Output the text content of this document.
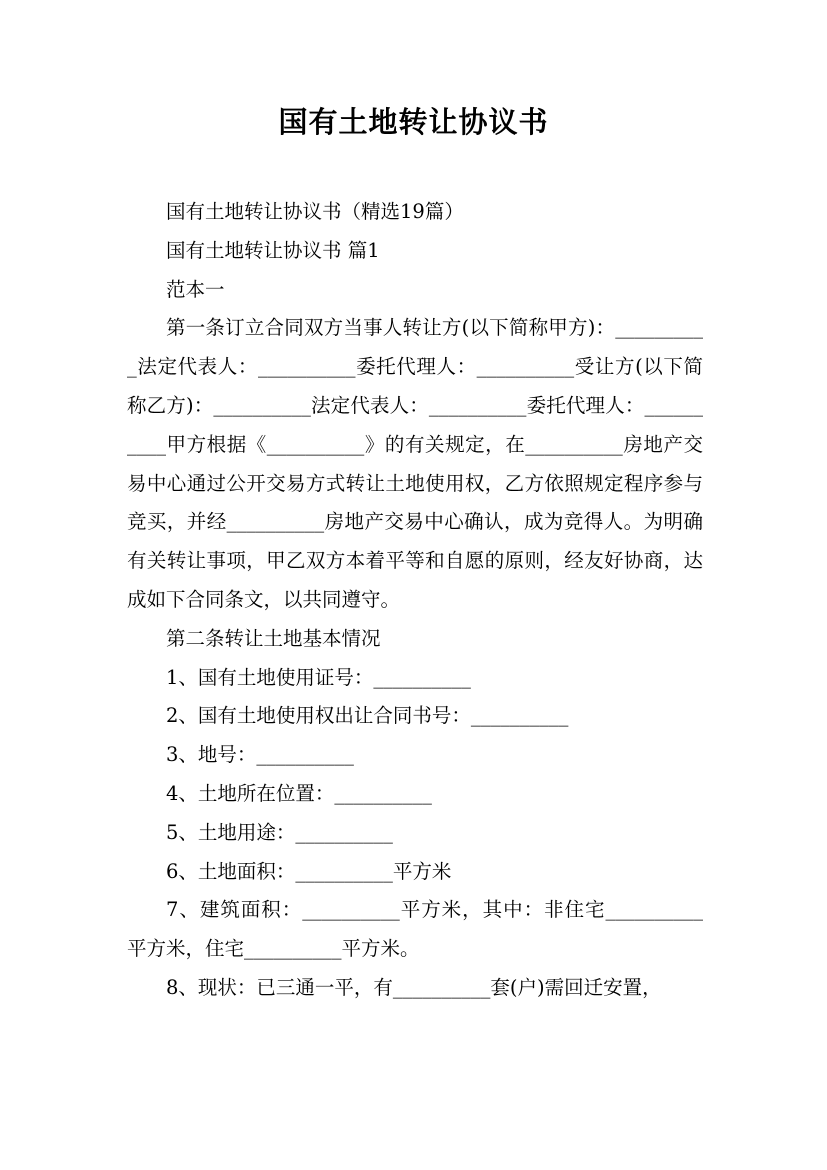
国有土地转让协议书

国有土地转让协议书（精选19篇）

国有土地转让协议书 篇1

范本一

第一条订立合同双方当事人转让方(以下简称甲方)：__________法定代表人：__________委托代理人：__________受让方(以下简称乙方)：__________法定代表人：__________委托代理人：__________甲方根据《__________》的有关规定，在__________房地产交易中心通过公开交易方式转让土地使用权，乙方依照规定程序参与竞买，并经__________房地产交易中心确认，成为竞得人。为明确有关转让事项，甲乙双方本着平等和自愿的原则，经友好协商，达成如下合同条文，以共同遵守。

第二条转让土地基本情况

1、国有土地使用证号：__________

2、国有土地使用权出让合同书号：__________

3、地号：__________

4、土地所在位置：__________

5、土地用途：__________

6、土地面积：__________平方米

7、建筑面积：__________平方米，其中：非住宅__________平方米，住宅__________平方米。

8、现状：已三通一平，有__________套(户)需回迁安置，
